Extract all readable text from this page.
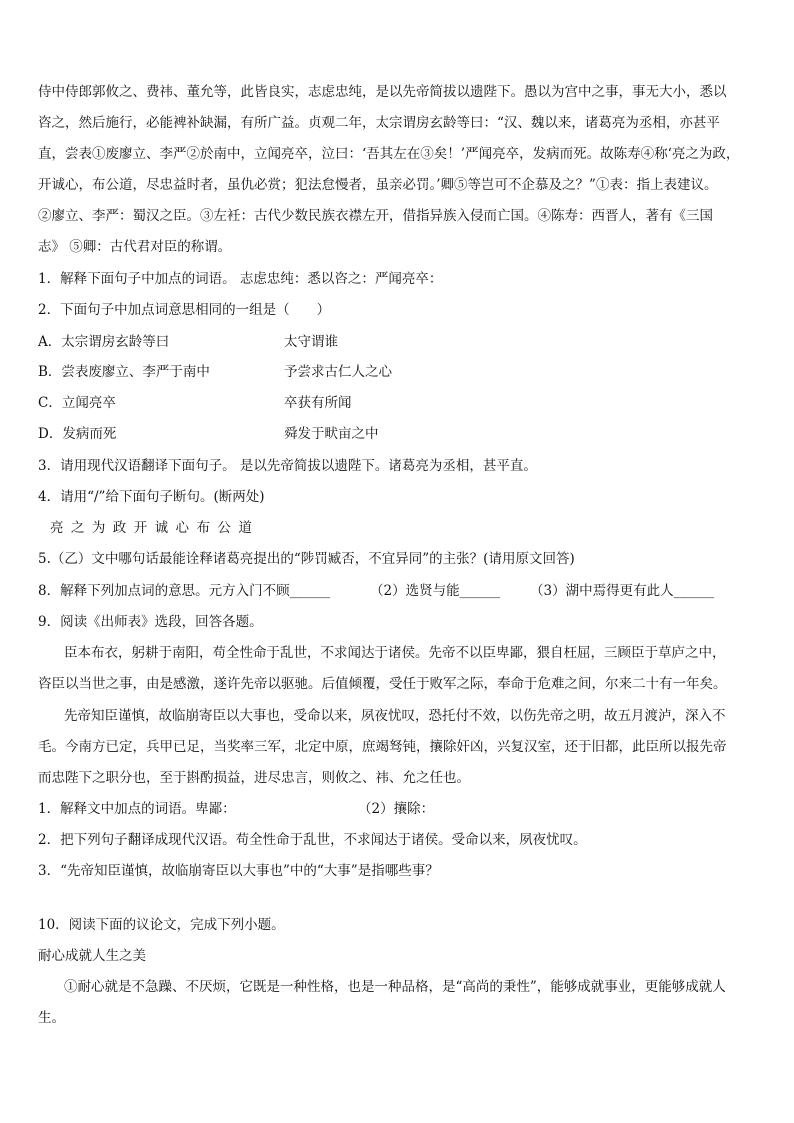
侍中侍郎郭攸之、费祎、董允等，此皆良实，志虑忠纯，是以先帝简拔以遗陛下。愚以为宫中之事，事无大小，悉以
咨之，然后施行，必能裨补缺漏，有所广益。贞观二年，太宗谓房玄龄等曰：“汉、魏以来，诸葛亮为丞相，亦甚平
直，尝表①废廖立、李严②於南中，立闻亮卒，泣曰：‘吾其左在③矣！’严闻亮卒，发病而死。故陈寿④称‘亮之为政，
开诚心，布公道，尽忠益时者，虽仇必赏；犯法怠慢者，虽亲必罚。’卿⑤等岂可不企慕及之？”①表：指上表建议。
②廖立、李严：蜀汉之臣。③左衽：古代少数民族衣襟左开，借指异族入侵而亡国。④陈寿：西晋人，著有《三国
志》 ⑤卿：古代君对臣的称谓。
1．解释下面句子中加点的词语。 志虑忠纯：悉以咨之：严闻亮卒：
2．下面句子中加点词意思相同的一组是（　　）
A．太宗谓房玄龄等曰	太守谓谁
B．尝表废廖立、李严于南中	予尝求古仁人之心
C．立闻亮卒	卒获有所闻
D．发病而死	舜发于畎亩之中
3．请用现代汉语翻译下面句子。 是以先帝简拔以遗陛下。诸葛亮为丞相，甚平直。
4．请用“/”给下面句子断句。(断两处)
亮之为政开诚心布公道
5.（乙）文中哪句话最能诠释诸葛亮提出的“陟罚臧否，不宜异同”的主张？(请用原文回答)
8．解释下列加点词的意思。元方入门不顾______	（2）选贤与能______ （3）湖中焉得更有此人______
9．阅读《出师表》选段，回答各题。
臣本布衣，躬耕于南阳，苟全性命于乱世，不求闻达于诸侯。先帝不以臣卑鄙，猥自枉屈，三顾臣于草庐之中，
咨臣以当世之事，由是感激，遂许先帝以驱驰。后值倾覆，受任于败军之际，奉命于危难之间，尔来二十有一年矣。
先帝知臣谨慎，故临崩寄臣以大事也，受命以来，夙夜忧叹，恐托付不效，以伤先帝之明，故五月渡泸，深入不
毛。今南方已定，兵甲已足，当奖率三军，北定中原，庶竭驽钝，攘除奸凶，兴复汉室，还于旧都，此臣所以报先帝
而忠陛下之职分也，至于斟酌损益，进尽忠言，则攸之、祎、允之任也。
1．解释文中加点的词语。卑鄙：	（2）攘除：
2．把下列句子翻译成现代汉语。苟全性命于乱世，不求闻达于诸侯。受命以来，夙夜忧叹。
3．“先帝知臣谨慎，故临崩寄臣以大事也”中的“大事”是指哪些事？
10．阅读下面的议论文，完成下列小题。
耐心成就人生之美
①耐心就是不急躁、不厌烦，它既是一种性格，也是一种品格，是“高尚的秉性”，能够成就事业，更能够成就人
生。
